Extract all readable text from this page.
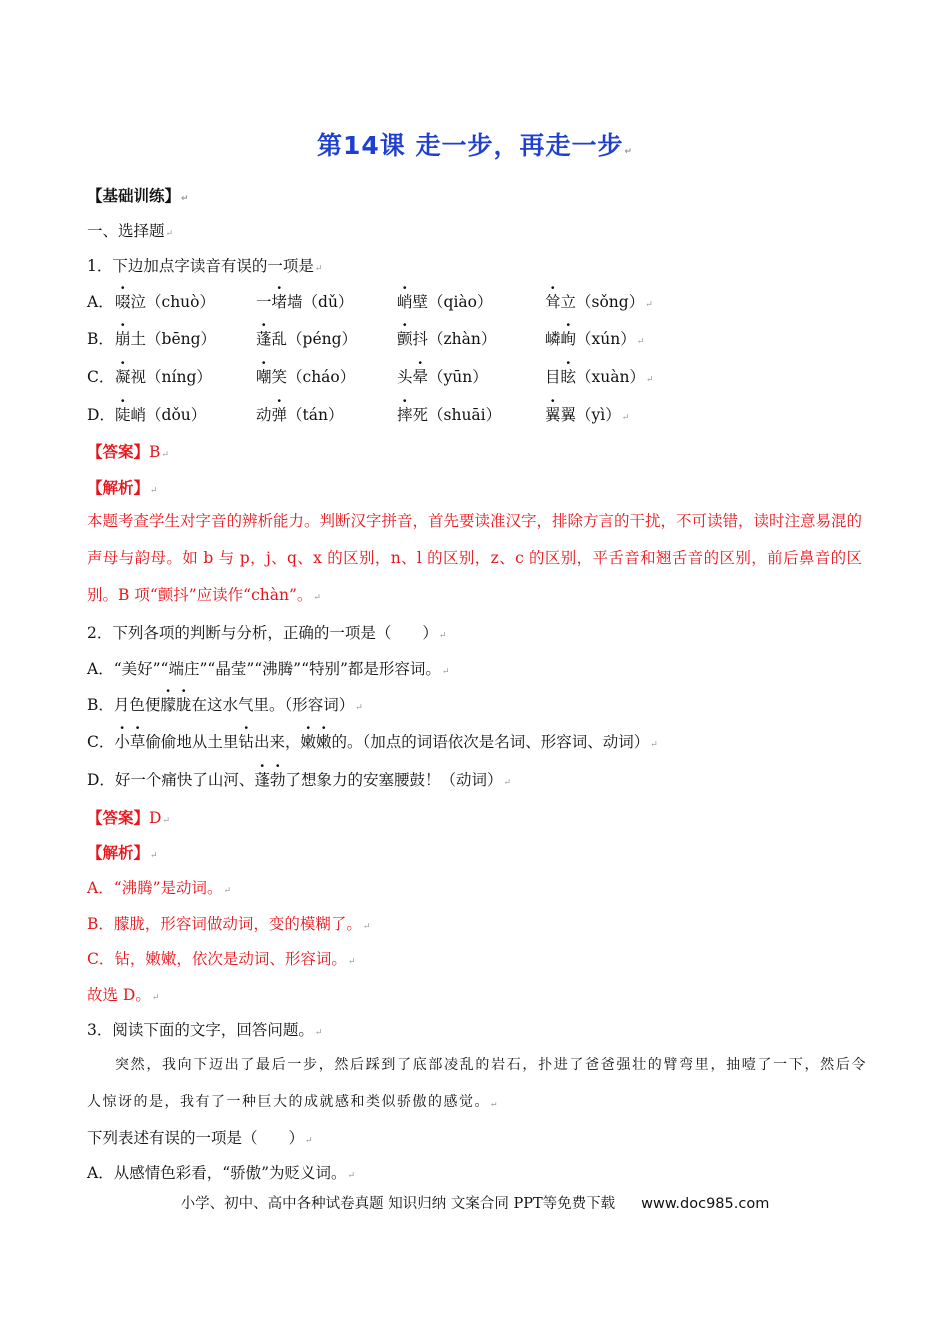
第14课 走一步，再走一步↵
【基础训练】↵
一、选择题↵
1．下边加点字读音有误的一项是↵
A． 啜泣（chuò）	一堵墙（dǔ）	峭壁（qiào）	耸立（sǒng）↵
B． 崩土（bēng）	蓬乱（péng）	颤抖（zhàn）	嶙峋（xún）↵
C． 凝视（níng）	嘲笑（cháo）	头晕（yūn）	目眩（xuàn）↵
D． 陡峭（dǒu）	动弹（tán）	摔死（shuāi）	翼翼（yì）↵
【答案】B↵
【解析】↵
本题考查学生对字音的辨析能力。判断汉字拼音，首先要读准汉字，排除方言的干扰，不可读错，读时注意易混的声母与韵母。如 b 与 p，j、q、x 的区别，n、l 的区别，z、c 的区别，平舌音和翘舌音的区别，前后鼻音的区别。B 项“颤抖”应读作“chàn”。↵
2．下列各项的判断与分析，正确的一项是（　　）↵
A．“美好”“端庄”“晶莹”“沸腾”“特别”都是形容词。↵
B．月色便朦胧在这水气里。（形容词）↵
C．小草偷偷地从土里钻出来，嫩嫩的。（加点的词语依次是名词、形容词、动词）↵
D．好一个痛快了山河、蓬勃了想象力的安塞腰鼓！（动词）↵
【答案】D↵
【解析】↵
A．“沸腾”是动词。↵
B．朦胧，形容词做动词，变的模糊了。↵
C．钻，嫩嫩，依次是动词、形容词。↵
故选 D。↵
3．阅读下面的文字，回答问题。↵
突然，我向下迈出了最后一步，然后踩到了底部凌乱的岩石，扑进了爸爸强壮的臂弯里，抽噎了一下，然后令人惊讶的是，我有了一种巨大的成就感和类似骄傲的感觉。↵
下列表述有误的一项是（　　）↵
A．从感情色彩看，“骄傲”为贬义词。↵
小学、初中、高中各种试卷真题 知识归纳 文案合同 PPT等免费下载 www.doc985.com
